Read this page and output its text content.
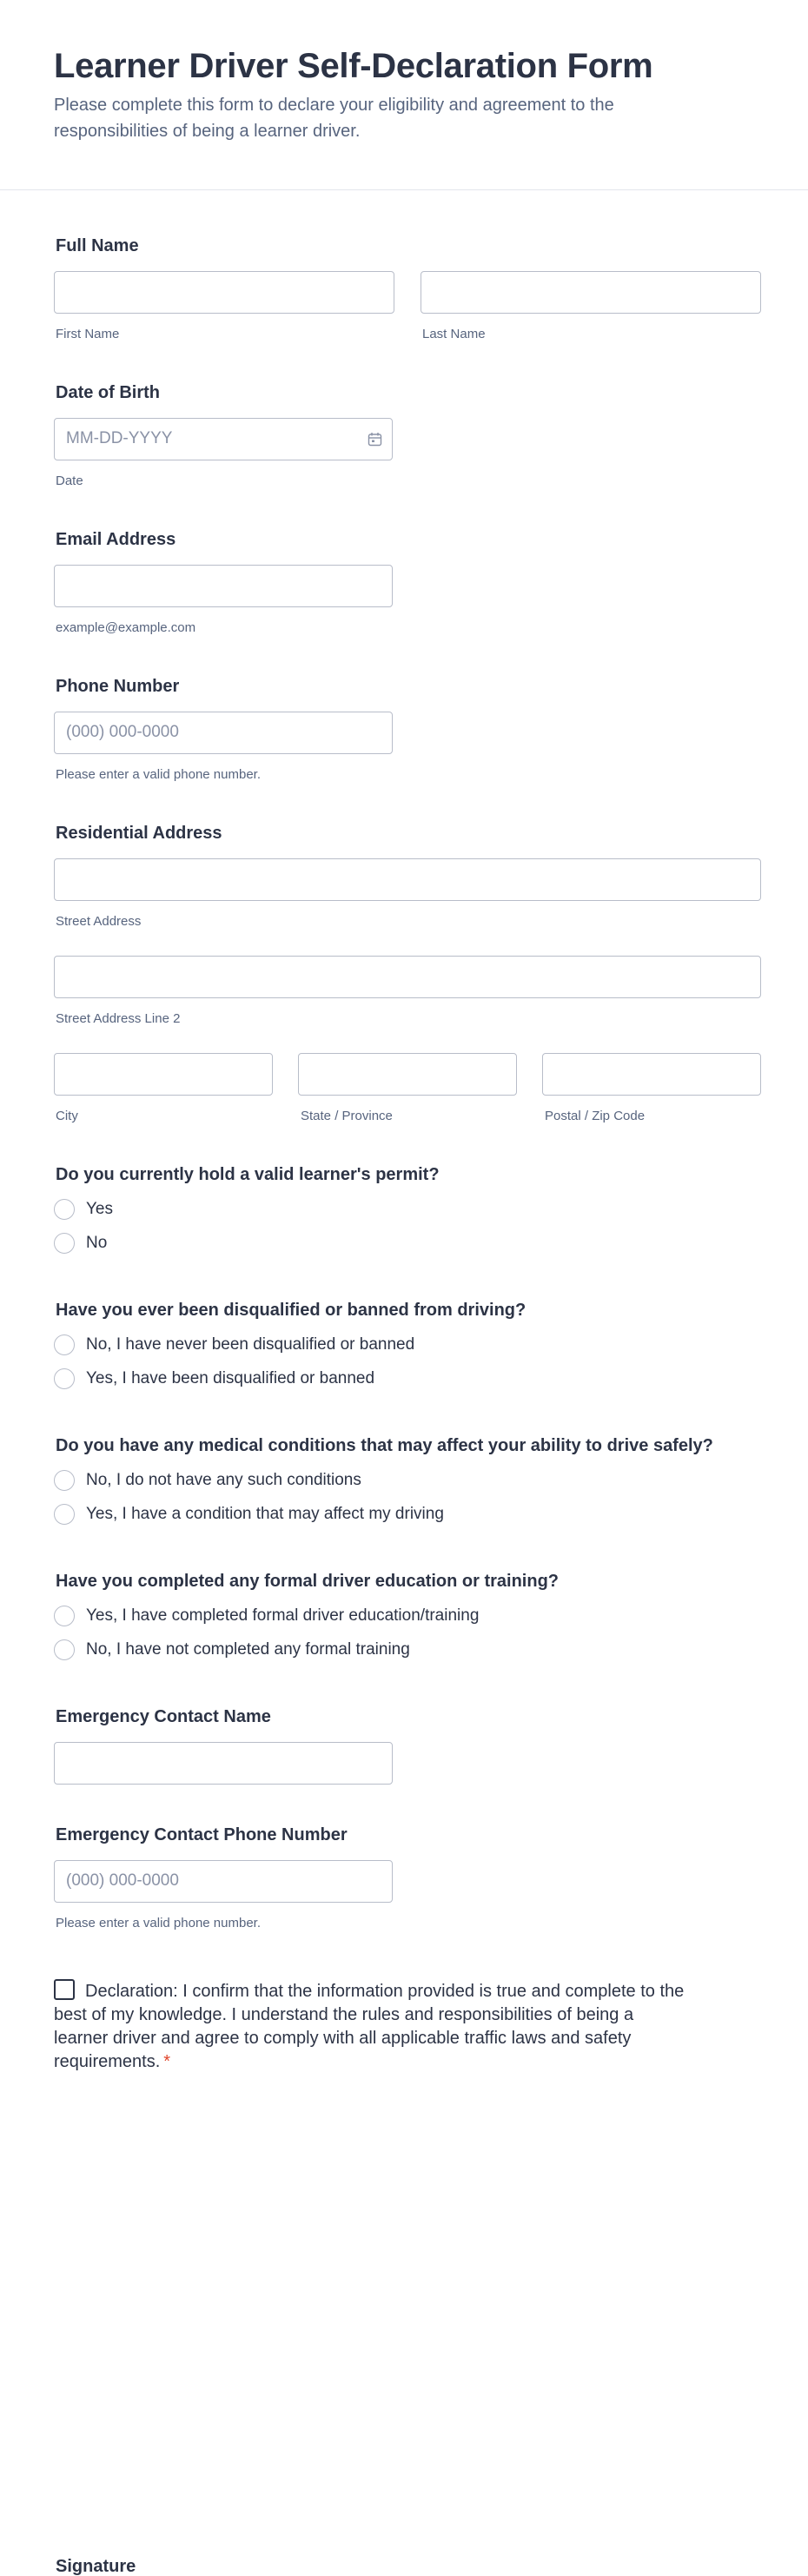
Learner Driver Self-Declaration Form
Please complete this form to declare your eligibility and agreement to the responsibilities of being a learner driver.
Full Name
First Name	Last Name
Date of Birth
MM-DD-YYYY
Date
Email Address
example@example.com
Phone Number
(000) 000-0000
Please enter a valid phone number.
Residential Address
Street Address
Street Address Line 2
City	State / Province	Postal / Zip Code
Do you currently hold a valid learner's permit?
Yes
No
Have you ever been disqualified or banned from driving?
No, I have never been disqualified or banned
Yes, I have been disqualified or banned
Do you have any medical conditions that may affect your ability to drive safely?
No, I do not have any such conditions
Yes, I have a condition that may affect my driving
Have you completed any formal driver education or training?
Yes, I have completed formal driver education/training
No, I have not completed any formal training
Emergency Contact Name
Emergency Contact Phone Number
(000) 000-0000
Please enter a valid phone number.
Declaration: I confirm that the information provided is true and complete to the best of my knowledge. I understand the rules and responsibilities of being a learner driver and agree to comply with all applicable traffic laws and safety requirements. *
Signature
